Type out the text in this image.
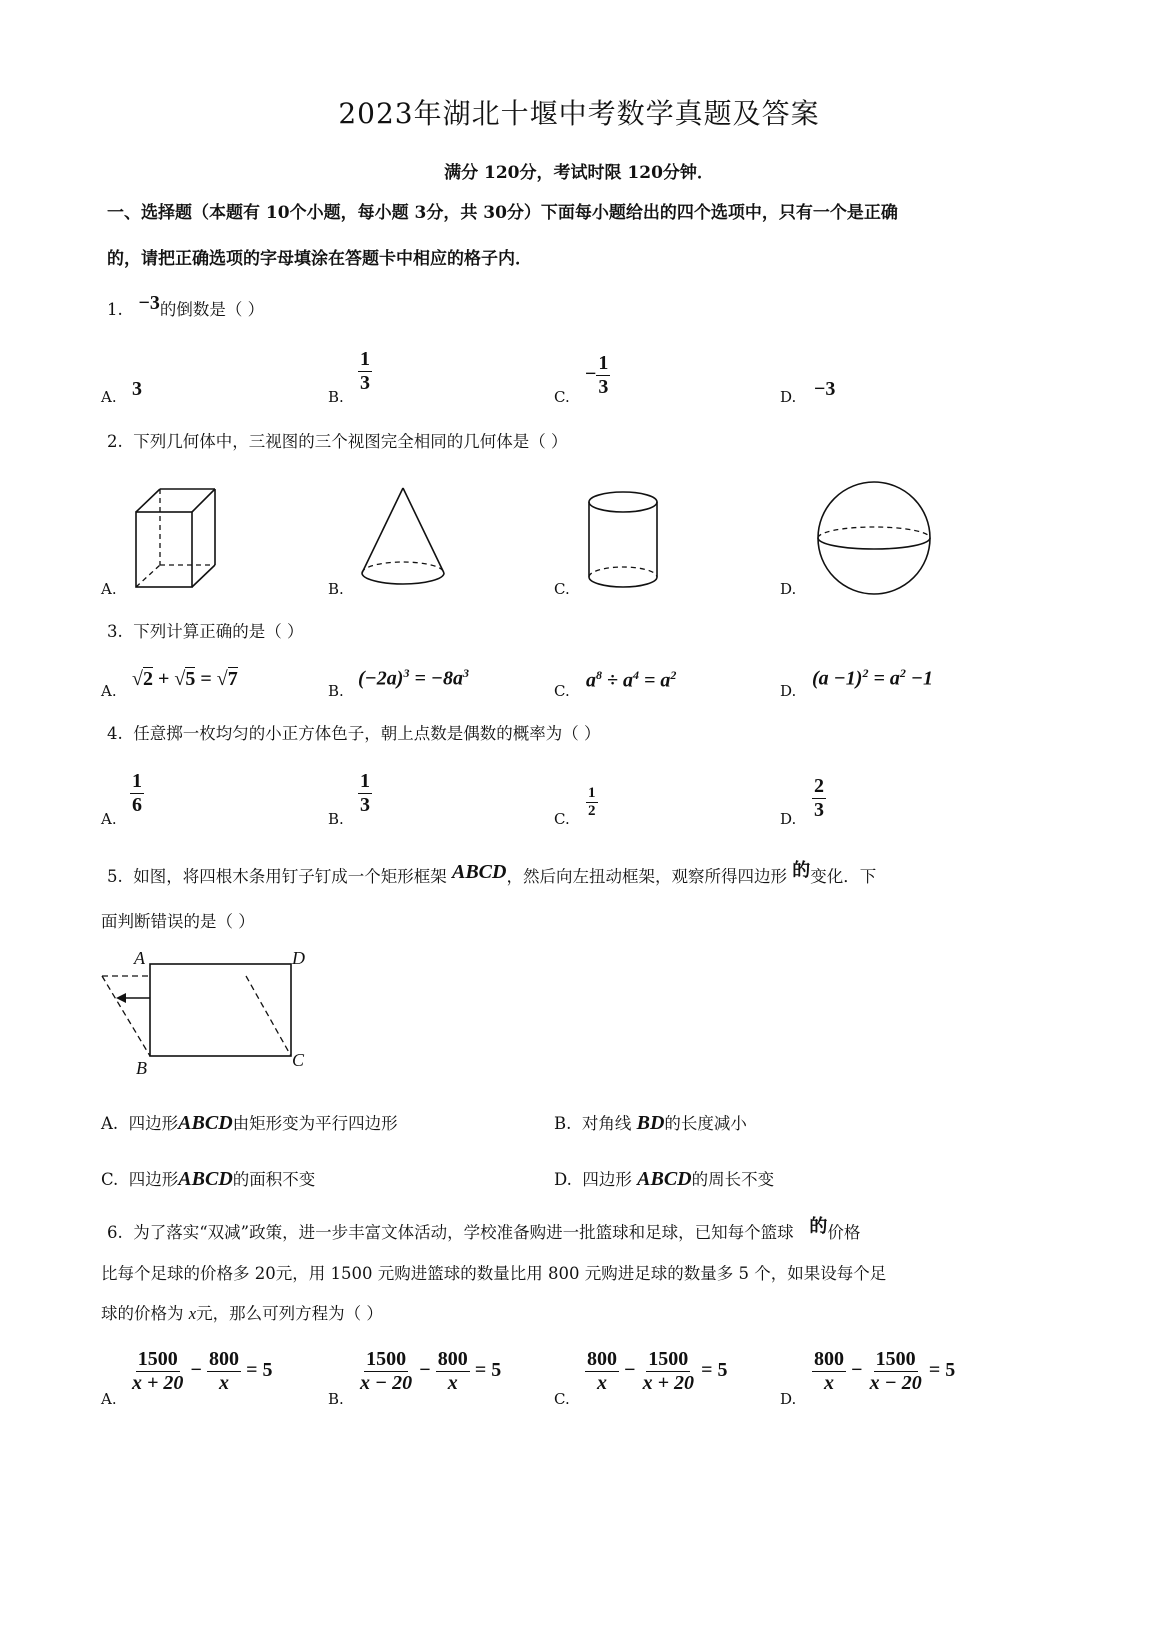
2023年湖北十堰中考数学真题及答案
满分 120分，考试时限 120分钟．
一、选择题（本题有 10个小题，每小题 3分，共 30分）下面每小题给出的四个选项中，只有一个是正确
的，请把正确选项的字母填涂在答题卡中相应的格子内．
1. −3的倒数是（ ）
A. 3	B.
$\frac{1}{3}$
C.
− $\frac{1}{3}$	D. −3
2. 下列几何体中，三视图的三个视图完全相同的几何体是（ ）
A.	B.	C.	D.
3. 下列计算正确的是（ ）
A.
√2 + √5 = √7
B.
$(-2a)^3 = -8a^3$
C. $a^8 \div a^4 = a^2$
D.
$(a -1)^2 = a^2 -1$
4. 任意掷一枚均匀的小正方体色子，朝上点数是偶数的概率为（ ）
A.
$\frac{1}{6}$
B.
$\frac{1}{3}$
C. $\frac{1}{2}$	D. $\frac{2}{3}$
5. 如图，将四根木条用钉子钉成一个矩形框架 ABCD，然后向左扭动框架，观察所得四边形 的变化．下
面判断错误的是（ ）
A	D
B	C
A. 四边形ABCD由矩形变为平行四边形	B. 对角线 BD的长度减小
C. 四边形ABCD的面积不变	D. 四边形 ABCD的周长不变
6. 为了落实“双减”政策，进一步丰富文体活动，学校准备购进一批篮球和足球，已知每个篮球 的价格
比每个足球的价格多 20元，用 1500 元购进篮球的数量比用 800 元购进足球的数量多 5 个，如果设每个足
球的价格为 x元，那么可列方程为（ ）
A.
$\frac{1500}{x + 20} - \frac{800}{x} = 5$
B.
$\frac{1500}{x - 20} - \frac{800}{x} = 5$
C.
$\frac{800}{x} - \frac{1500}{x + 20} = 5$
D.
$\frac{800}{x} - \frac{1500}{x - 20} = 5$
